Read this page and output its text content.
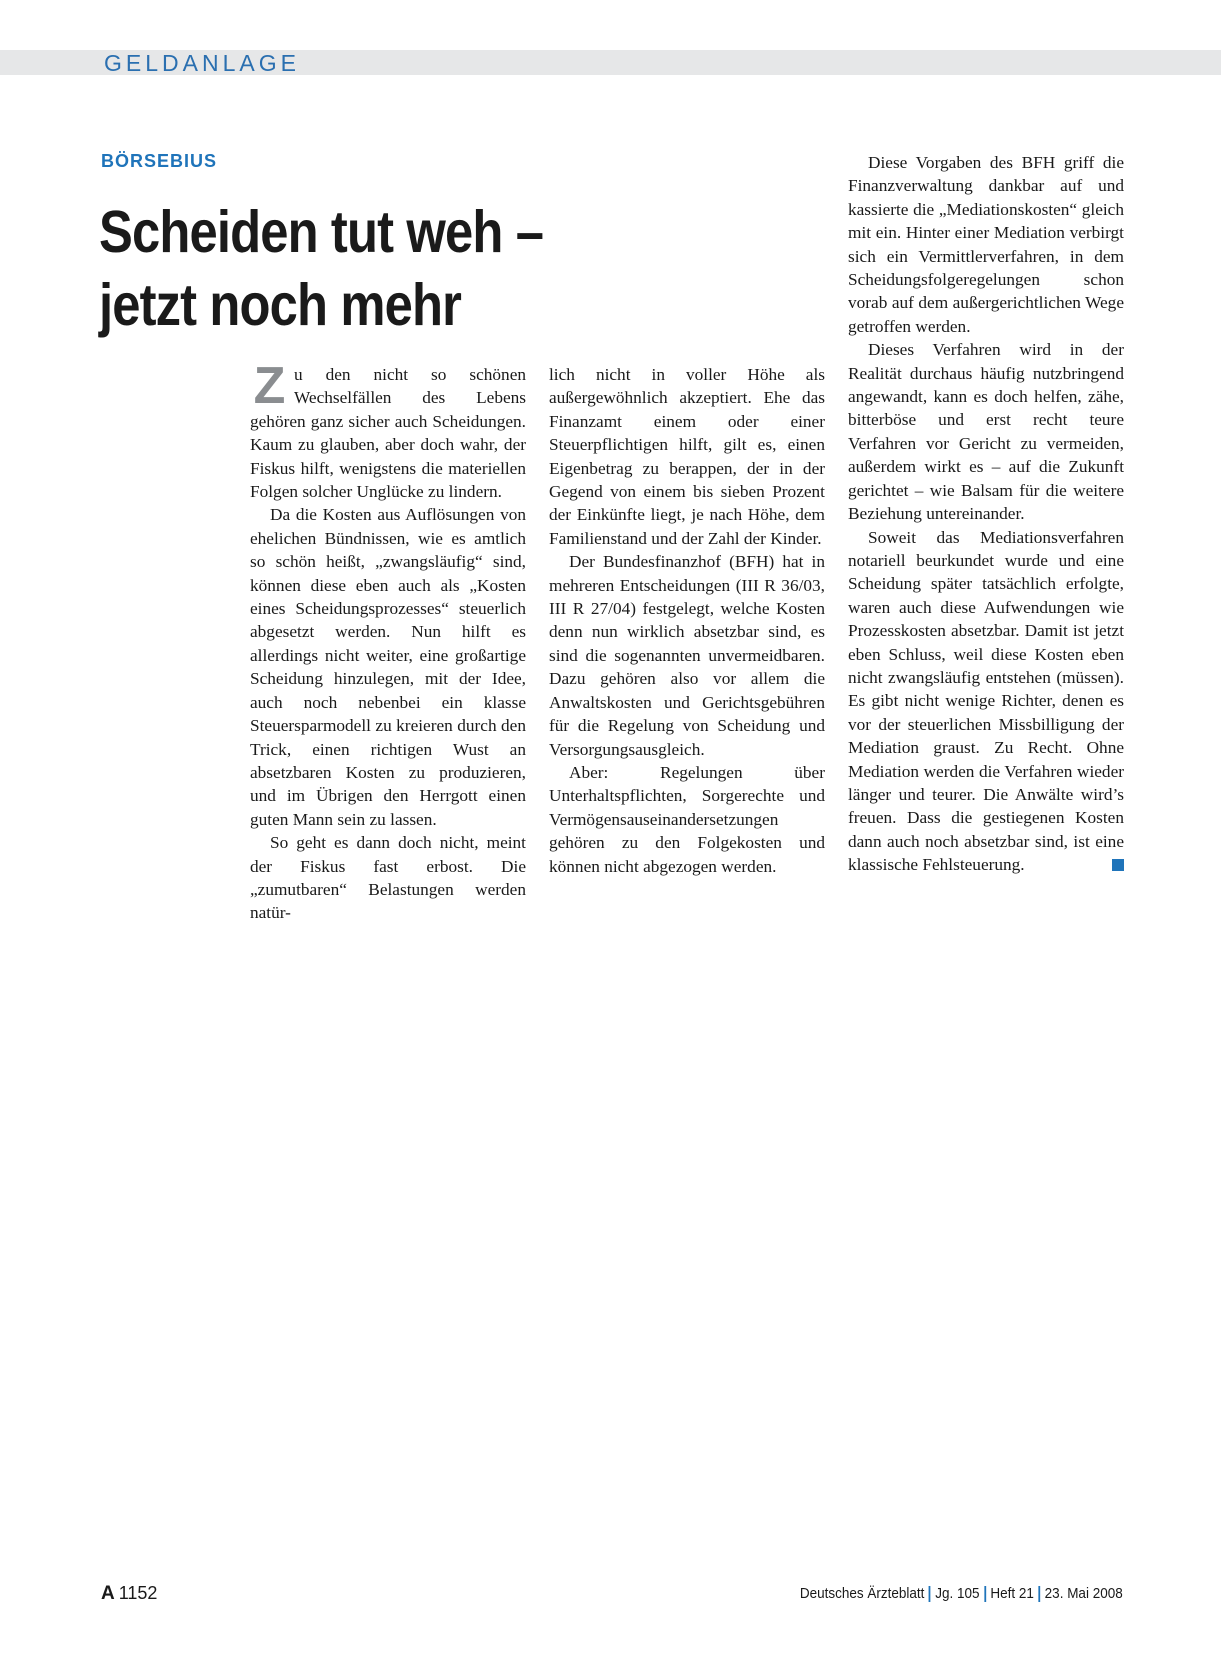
GELDANLAGE
BÖRSEBIUS
Scheiden tut weh –
jetzt noch mehr

Zu den nicht so schönen Wechselfällen des Lebens gehören ganz sicher auch Scheidungen. Kaum zu glauben, aber doch wahr, der Fiskus hilft, wenigstens die materiellen Folgen solcher Unglücke zu lindern.

Da die Kosten aus Auflösungen von ehelichen Bündnissen, wie es amtlich so schön heißt, „zwangsläufig“ sind, können diese eben auch als „Kosten eines Scheidungsprozesses“ steuerlich abgesetzt werden. Nun hilft es allerdings nicht weiter, eine großartige Scheidung hinzulegen, mit der Idee, auch noch nebenbei ein klasse Steuersparmodell zu kreieren durch den Trick, einen richtigen Wust an absetzbaren Kosten zu produzieren, und im Übrigen den Herrgott einen guten Mann sein zu lassen.

So geht es dann doch nicht, meint der Fiskus fast erbost. Die „zumutbaren“ Belastungen werden natür-

lich nicht in voller Höhe als außergewöhnlich akzeptiert. Ehe das Finanzamt einem oder einer Steuerpflichtigen hilft, gilt es, einen Eigenbetrag zu berappen, der in der Gegend von einem bis sieben Prozent der Einkünfte liegt, je nach Höhe, dem Familienstand und der Zahl der Kinder.

Der Bundesfinanzhof (BFH) hat in mehreren Entscheidungen (III R 36/03, III R 27/04) festgelegt, welche Kosten denn nun wirklich absetzbar sind, es sind die sogenannten unvermeidbaren. Dazu gehören also vor allem die Anwaltskosten und Gerichtsgebühren für die Regelung von Scheidung und Versorgungsausgleich.

Aber: Regelungen über Unterhaltspflichten, Sorgerechte und Vermögensauseinandersetzungen gehören zu den Folgekosten und können nicht abgezogen werden.

Diese Vorgaben des BFH griff die Finanzverwaltung dankbar auf und kassierte die „Mediationskosten“ gleich mit ein. Hinter einer Mediation verbirgt sich ein Vermittlerverfahren, in dem Scheidungsfolgeregelungen schon vorab auf dem außergerichtlichen Wege getroffen werden.

Dieses Verfahren wird in der Realität durchaus häufig nutzbringend angewandt, kann es doch helfen, zähe, bitterböse und erst recht teure Verfahren vor Gericht zu vermeiden, außerdem wirkt es – auf die Zukunft gerichtet – wie Balsam für die weitere Beziehung untereinander.

Soweit das Mediationsverfahren notariell beurkundet wurde und eine Scheidung später tatsächlich erfolgte, waren auch diese Aufwendungen wie Prozesskosten absetzbar. Damit ist jetzt eben Schluss, weil diese Kosten eben nicht zwangsläufig entstehen (müssen). Es gibt nicht wenige Richter, denen es vor der steuerlichen Missbilligung der Mediation graust. Zu Recht. Ohne Mediation werden die Verfahren wieder länger und teurer. Die Anwälte wird’s freuen. Dass die gestiegenen Kosten dann auch noch absetzbar sind, ist eine klassische Fehlsteuerung.

A 1152	Deutsches Ärzteblatt Jg. 105 Heft 21 23. Mai 2008
